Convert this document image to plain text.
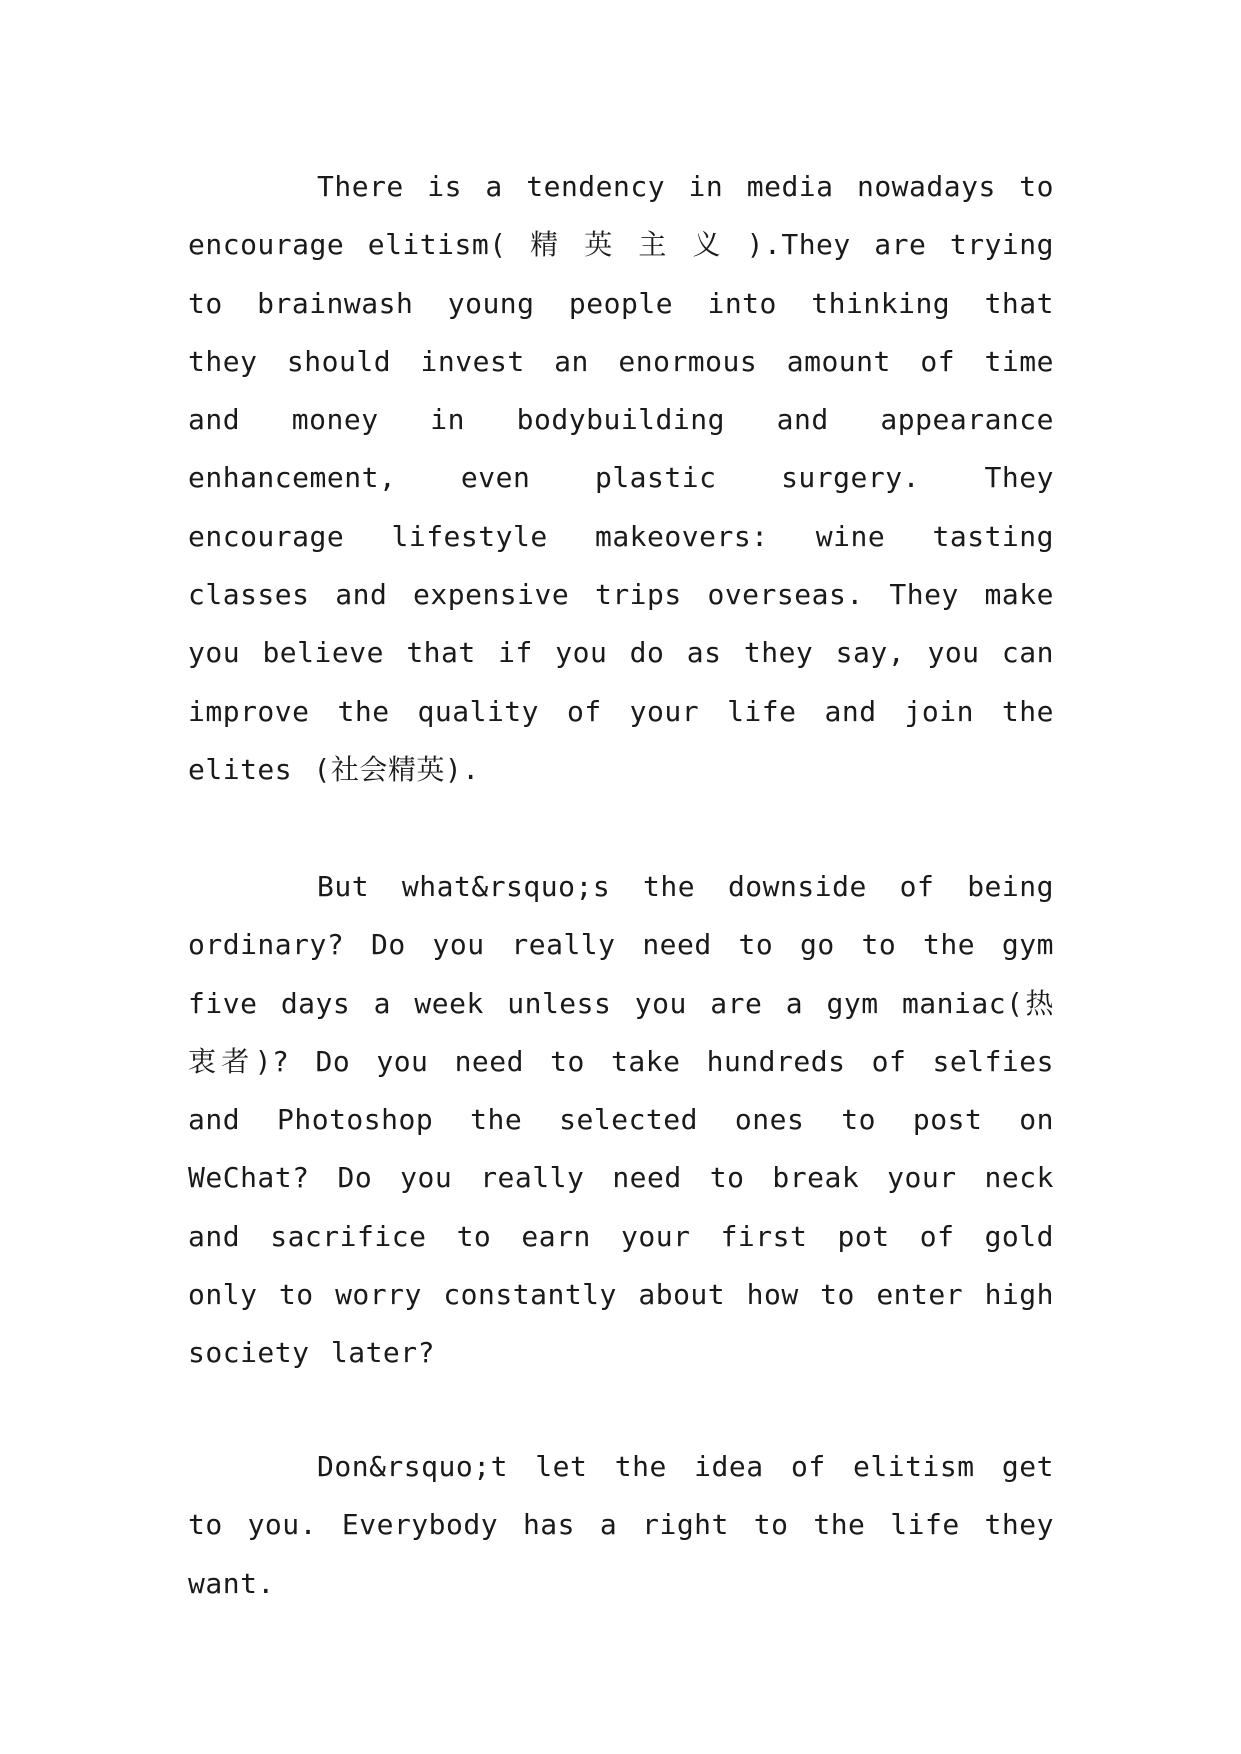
There is a tendency in media nowadays to encourage elitism( 精 英 主 义 ).They are trying to brainwash young people into thinking that they should invest an enormous amount of time and money in bodybuilding and appearance enhancement, even plastic surgery. They encourage lifestyle makeovers: wine tasting classes and expensive trips overseas. They make you believe that if you do as they say, you can improve the quality of your life and join the elites (社会精英).

But what&rsquo;s the downside of being ordinary? Do you really need to go to the gym five days a week unless you are a gym maniac(热衷者)? Do you need to take hundreds of selfies and Photoshop the selected ones to post on WeChat? Do you really need to break your neck and sacrifice to earn your first pot of gold only to worry constantly about how to enter high society later?

Don&rsquo;t let the idea of elitism get to you. Everybody has a right to the life they want.
